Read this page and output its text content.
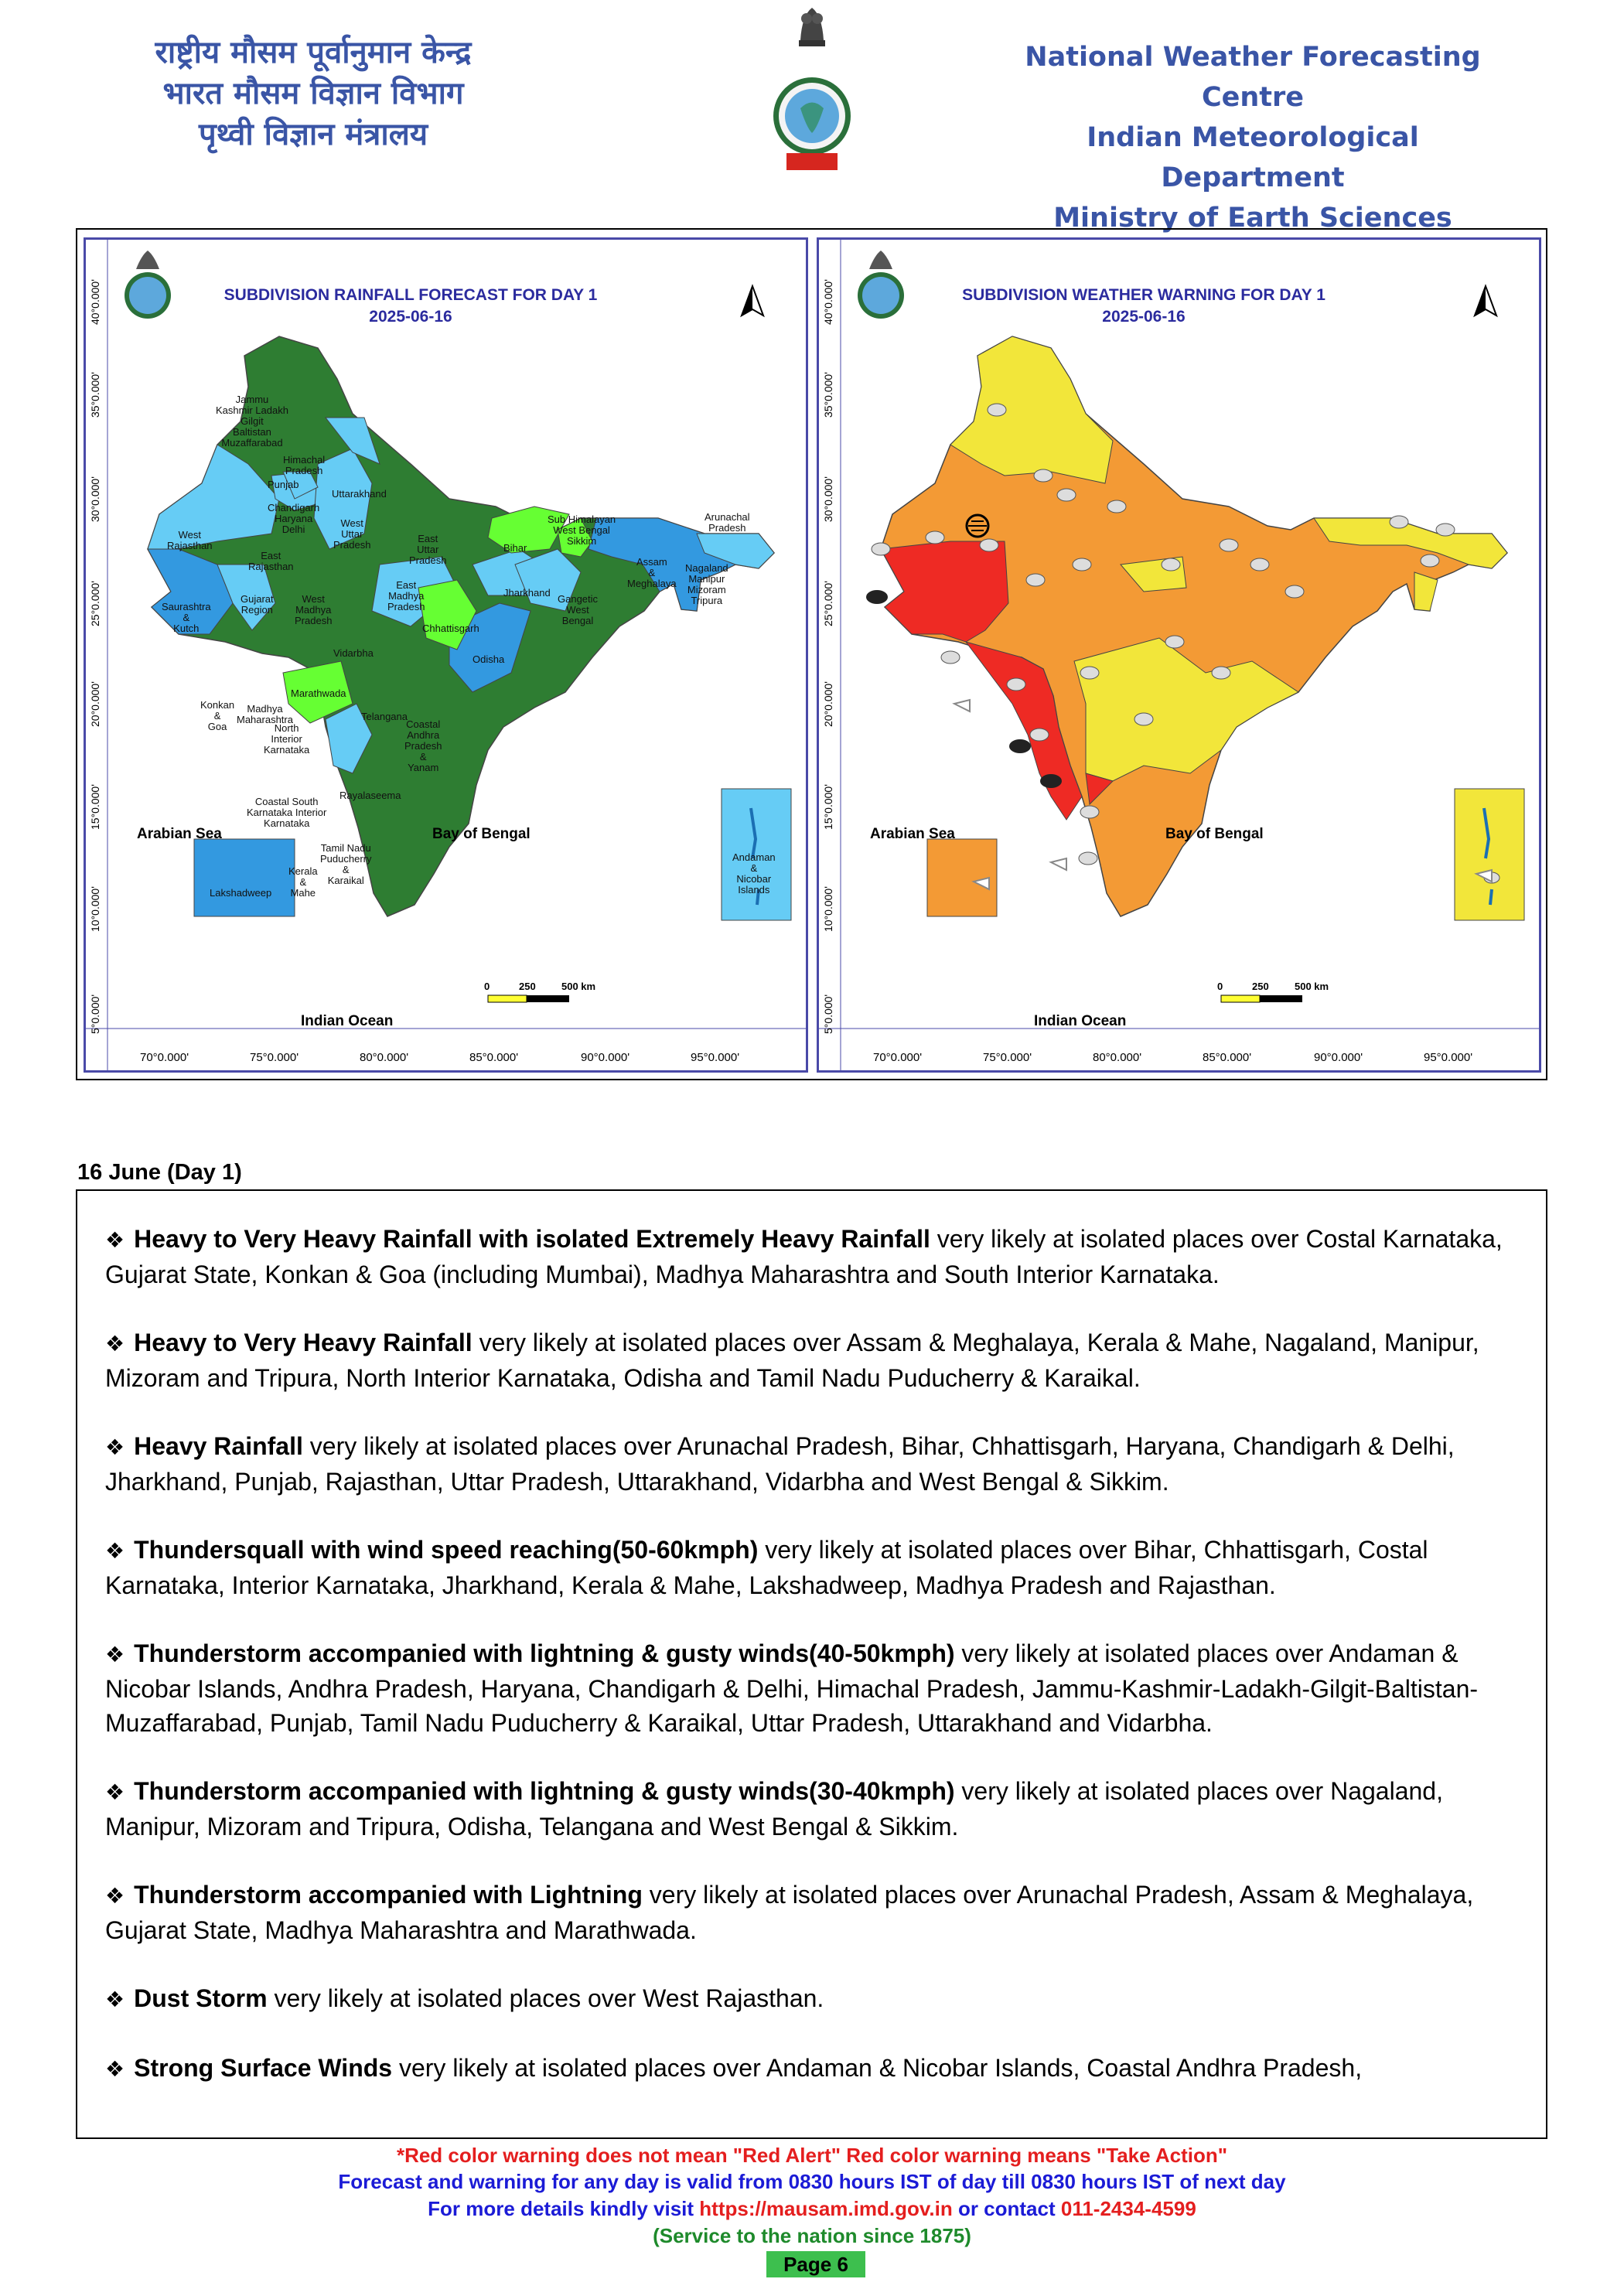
राष्ट्रीय मौसम पूर्वानुमान केन्द्र
भारत मौसम विज्ञान विभाग
पृथ्वी विज्ञान मंत्रालय
National Weather Forecasting Centre
Indian Meteorological Department
Ministry of Earth Sciences
SUBDIVISION RAINFALL FORECAST FOR DAY 1
2025-06-16
Jammu
Kashmir Ladakh
Gilgit
Baltistan
Muzaffarabad
Himachal
Pradesh
Punjab
Uttarakhand
Chandigarh
Haryana
Delhi
West
Uttar
Pradesh
West
Rajasthan
East
Uttar
Pradesh
East
Rajasthan
Bihar
Sub Himalayan
West Bengal
Sikkim
Arunachal
Pradesh
Assam
&
Meghalaya
Nagaland
Manipur
Mizoram
Tripura
Gujarat
Region
Saurashtra
&
Kutch
West
Madhya
Pradesh
East
Madhya
Pradesh
Jharkhand
Gangetic
West
Bengal
Chhattisgarh
Vidarbha
Odisha
Marathwada
Konkan
&
Goa
Madhya
Maharashtra	Telangana
Coastal
Andhra
Pradesh
&
Yanam
North
Interior
Karnataka
Rayalaseema
Coastal South
Karnataka Interior
Karnataka
Tamil Nadu
Puducherry
&
Karaikal
Kerala
&
Mahe
Lakshadweep
Andaman
&
Nicobar
Islands
Arabian Sea	Bay of Bengal
Indian Ocean
0	250	500 km
40°0.000'
35°0.000'
30°0.000'
25°0.000'
20°0.000'
15°0.000'
10°0.000'
5°0.000'
70°0.000'	75°0.000'	80°0.000'	85°0.000'	90°0.000'	95°0.000'
SUBDIVISION WEATHER WARNING FOR DAY 1
2025-06-16
Arabian Sea	Bay of Bengal
Indian Ocean
0	250	500 km
40°0.000'
35°0.000'
30°0.000'
25°0.000'
20°0.000'
15°0.000'
10°0.000'
5°0.000'
70°0.000'	75°0.000'	80°0.000'	85°0.000'	90°0.000'	95°0.000'
16 June (Day 1)

❖ Heavy to Very Heavy Rainfall with isolated Extremely Heavy Rainfall very likely at isolated places over Costal Karnataka, Gujarat State, Konkan & Goa (including Mumbai), Madhya Maharashtra and South Interior Karnataka.

❖ Heavy to Very Heavy Rainfall very likely at isolated places over Assam & Meghalaya, Kerala & Mahe, Nagaland, Manipur, Mizoram and Tripura, North Interior Karnataka, Odisha and Tamil Nadu Puducherry & Karaikal.

❖ Heavy Rainfall very likely at isolated places over Arunachal Pradesh, Bihar, Chhattisgarh, Haryana, Chandigarh & Delhi, Jharkhand, Punjab, Rajasthan, Uttar Pradesh, Uttarakhand, Vidarbha and West Bengal & Sikkim.

❖ Thundersquall with wind speed reaching(50-60kmph) very likely at isolated places over Bihar, Chhattisgarh, Costal Karnataka, Interior Karnataka, Jharkhand, Kerala & Mahe, Lakshadweep, Madhya Pradesh and Rajasthan.

❖ Thunderstorm accompanied with lightning & gusty winds(40-50kmph) very likely at isolated places over Andaman & Nicobar Islands, Andhra Pradesh, Haryana, Chandigarh & Delhi, Himachal Pradesh, Jammu-Kashmir-Ladakh-Gilgit-Baltistan-Muzaffarabad, Punjab, Tamil Nadu Puducherry & Karaikal, Uttar Pradesh, Uttarakhand and Vidarbha.

❖ Thunderstorm accompanied with lightning & gusty winds(30-40kmph) very likely at isolated places over Nagaland, Manipur, Mizoram and Tripura, Odisha, Telangana and West Bengal & Sikkim.

❖ Thunderstorm accompanied with Lightning very likely at isolated places over Arunachal Pradesh, Assam & Meghalaya, Gujarat State, Madhya Maharashtra and Marathwada.

❖ Dust Storm very likely at isolated places over West Rajasthan.

❖ Strong Surface Winds very likely at isolated places over Andaman & Nicobar Islands, Coastal Andhra Pradesh,

*Red color warning does not mean "Red Alert" Red color warning means "Take Action"
Forecast and warning for any day is valid from 0830 hours IST of day till 0830 hours IST of next day
For more details kindly visit https://mausam.imd.gov.in or contact 011-2434-4599
(Service to the nation since 1875)
Page 6
